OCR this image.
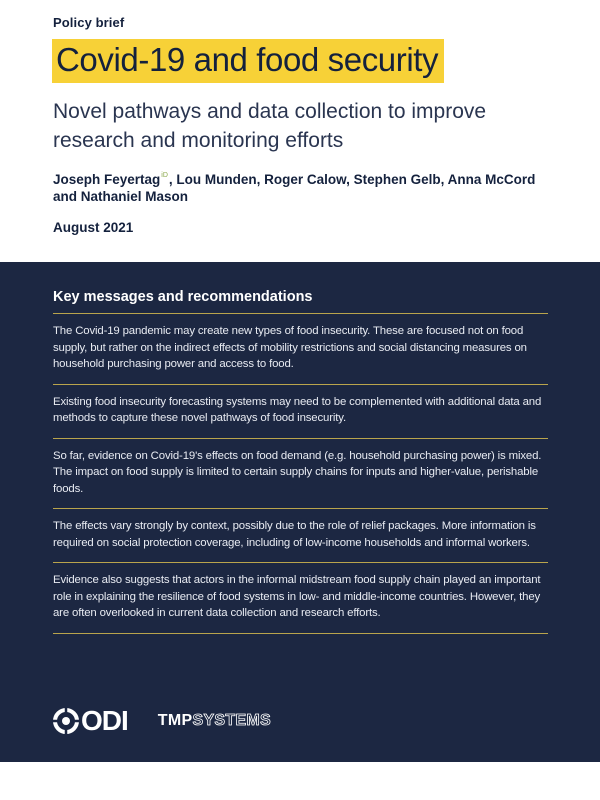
Policy brief
Covid-19 and food security
Novel pathways and data collection to improve research and monitoring efforts
Joseph FeyertagiD, Lou Munden, Roger Calow, Stephen Gelb, Anna McCord and Nathaniel Mason
August 2021
Key messages and recommendations
The Covid-19 pandemic may create new types of food insecurity. These are focused not on food supply, but rather on the indirect effects of mobility restrictions and social distancing measures on household purchasing power and access to food.
Existing food insecurity forecasting systems may need to be complemented with additional data and methods to capture these novel pathways of food insecurity.
So far, evidence on Covid-19's effects on food demand (e.g. household purchasing power) is mixed. The impact on food supply is limited to certain supply chains for inputs and higher-value, perishable foods.
The effects vary strongly by context, possibly due to the role of relief packages. More information is required on social protection coverage, including of low-income households and informal workers.
Evidence also suggests that actors in the informal midstream food supply chain played an important role in explaining the resilience of food systems in low- and middle-income countries. However, they are often overlooked in current data collection and research efforts.
ODI TMPSYSTEMS
